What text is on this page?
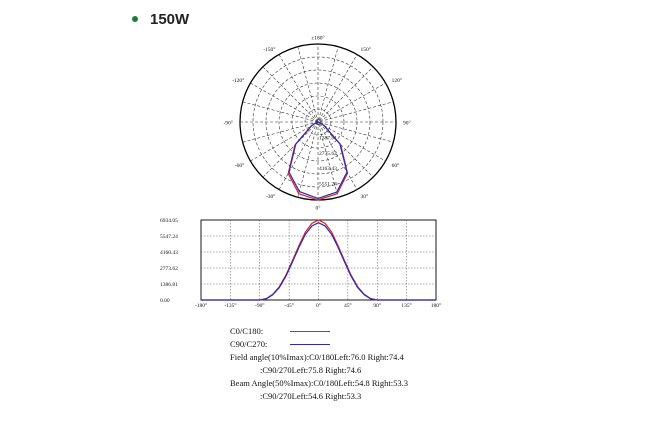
150W
±180°
150°
120°
90°
60°
30°
0°
-30°
-60°
-90°
-120°
-150°
1387.81
2775.62
4163.43
5551.24
6934.05
5547.24
4160.43
2773.62
1386.81
0.00
-180°	-135°	-90°	-45°	0°	45°	90°	135°	180°
C0/C180:
C90/C270:
Field angle(10%Imax):C0/180Left:76.0 Right:74.4
:C90/270Left:75.8 Right:74.6
Beam Angle(50%Imax):C0/180Left:54.8 Right:53.3
:C90/270Left:54.6 Right:53.3
